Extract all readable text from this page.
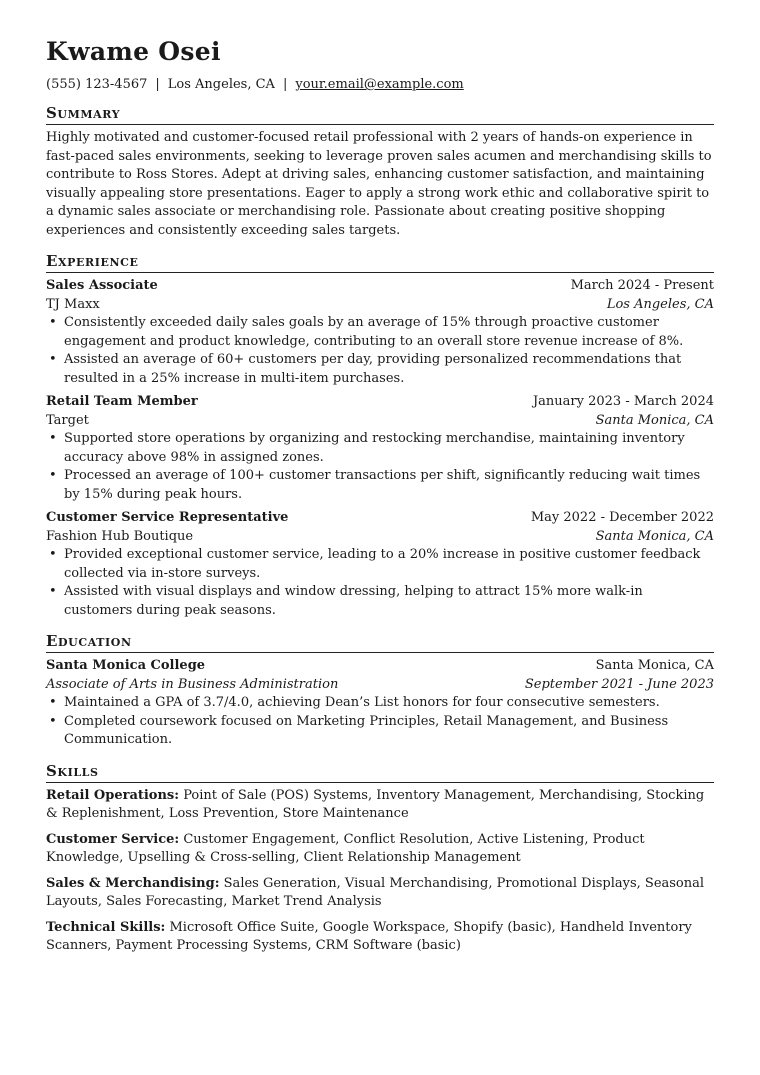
Kwame Osei
(555) 123-4567 | Los Angeles, CA | your.email@example.com
Summary

Highly motivated and customer-focused retail professional with 2 years of hands-on experience in fast-paced sales environments, seeking to leverage proven sales acumen and merchandising skills to contribute to Ross Stores. Adept at driving sales, enhancing customer satisfaction, and maintaining visually appealing store presentations. Eager to apply a strong work ethic and collaborative spirit to a dynamic sales associate or merchandising role. Passionate about creating positive shopping experiences and consistently exceeding sales targets.

Experience
Sales Associate	March 2024 - Present
TJ Maxx	Los Angeles, CA
• Consistently exceeded daily sales goals by an average of 15% through proactive customer engagement and product knowledge, contributing to an overall store revenue increase of 8%.
• Assisted an average of 60+ customers per day, providing personalized recommendations that resulted in a 25% increase in multi-item purchases.
Retail Team Member	January 2023 - March 2024
Target	Santa Monica, CA
• Supported store operations by organizing and restocking merchandise, maintaining inventory accuracy above 98% in assigned zones.
• Processed an average of 100+ customer transactions per shift, significantly reducing wait times by 15% during peak hours.
Customer Service Representative	May 2022 - December 2022
Fashion Hub Boutique	Santa Monica, CA
• Provided exceptional customer service, leading to a 20% increase in positive customer feedback collected via in-store surveys.
• Assisted with visual displays and window dressing, helping to attract 15% more walk-in customers during peak seasons.
Education
Santa Monica College	Santa Monica, CA
Associate of Arts in Business Administration	September 2021 - June 2023
• Maintained a GPA of 3.7/4.0, achieving Dean’s List honors for four consecutive semesters.
• Completed coursework focused on Marketing Principles, Retail Management, and Business Communication.
Skills

Retail Operations: Point of Sale (POS) Systems, Inventory Management, Merchandising, Stocking & Replenishment, Loss Prevention, Store Maintenance

Customer Service: Customer Engagement, Conflict Resolution, Active Listening, Product Knowledge, Upselling & Cross-selling, Client Relationship Management

Sales & Merchandising: Sales Generation, Visual Merchandising, Promotional Displays, Seasonal Layouts, Sales Forecasting, Market Trend Analysis

Technical Skills: Microsoft Office Suite, Google Workspace, Shopify (basic), Handheld Inventory Scanners, Payment Processing Systems, CRM Software (basic)
